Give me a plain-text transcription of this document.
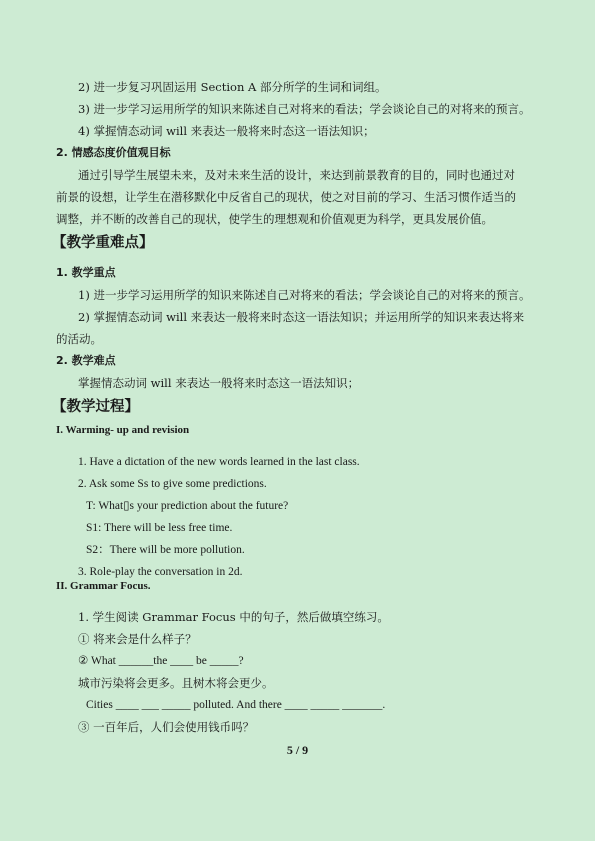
2) 进一步复习巩固运用 Section A 部分所学的生词和词组。
3) 进一步学习运用所学的知识来陈述自己对将来的看法；学会谈论自己的对将来的预言。
4) 掌握情态动词 will 来表达一般将来时态这一语法知识；
2. 情感态度价值观目标
通过引导学生展望未来，及对未来生活的设计，来达到前景教育的目的，同时也通过对
前景的设想，让学生在潜移默化中反省自己的现状，使之对目前的学习、生活习惯作适当的
调整，并不断的改善自己的现状，使学生的理想观和价值观更为科学，更具发展价值。
【教学重难点】
1. 教学重点
1) 进一步学习运用所学的知识来陈述自己对将来的看法；学会谈论自己的对将来的预言。
2) 掌握情态动词 will 来表达一般将来时态这一语法知识；并运用所学的知识来表达将来
的活动。
2. 教学难点
掌握情态动词 will 来表达一般将来时态这一语法知识；
【教学过程】
I. Warming- up and revision
1. Have a dictation of the new words learned in the last class.
2. Ask some Ss to give some predictions.
T: What▯s your prediction about the future?
S1: There will be less free time.
S2：There will be more pollution.
3. Role-play the conversation in 2d.
II. Grammar Focus.
1. 学生阅读 Grammar Focus 中的句子，然后做填空练习。
① 将来会是什么样子？
② What ______the ____ be _____?
城市污染将会更多。且树木将会更少。
Cities ____ ___ _____ polluted. And there ____ _____ _______.
③ 一百年后，人们会使用钱币吗？
5 / 9
